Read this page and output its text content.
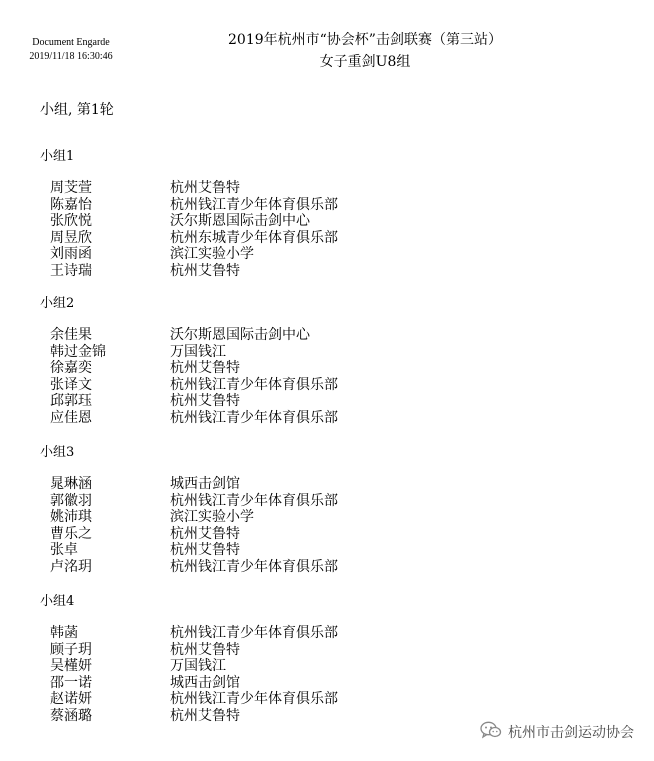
Document Engarde
2019/11/18 16:30:46
2019年杭州市“协会杯”击剑联赛（第三站）
女子重剑U8组
小组, 第1轮
小组1
周芠萱	杭州艾鲁特
陈嘉怡	杭州钱江青少年体育俱乐部
张欣悦	沃尔斯恩国际击剑中心
周昱欣	杭州东城青少年体育俱乐部
刘雨函	滨江实验小学
王诗瑞	杭州艾鲁特
小组2
余佳果	沃尔斯恩国际击剑中心
韩过金锦	万国钱江
徐嘉奕	杭州艾鲁特
张译文	杭州钱江青少年体育俱乐部
邱郭珏	杭州艾鲁特
应佳恩	杭州钱江青少年体育俱乐部
小组3
晁琳涵	城西击剑馆
郭徽羽	杭州钱江青少年体育俱乐部
姚沛琪	滨江实验小学
曹乐之	杭州艾鲁特
张卓	杭州艾鲁特
卢洺玥	杭州钱江青少年体育俱乐部
小组4
韩菡	杭州钱江青少年体育俱乐部
顾子玥	杭州艾鲁特
吴槿妍	万国钱江
邵一诺	城西击剑馆
赵诺妍	杭州钱江青少年体育俱乐部
蔡涵璐	杭州艾鲁特
杭州市击剑运动协会
